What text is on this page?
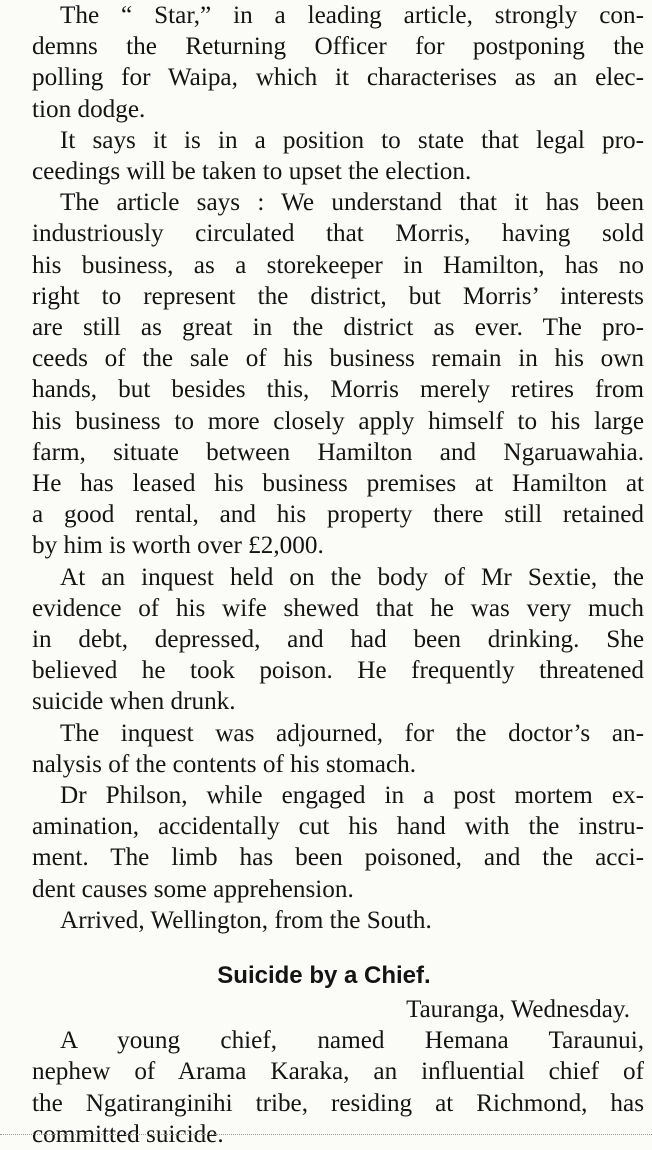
The “ Star,” in a leading article, strongly con-
demns the Returning Officer for postponing the
polling for Waipa, which it characterises as an elec-
tion dodge.
It says it is in a position to state that legal pro-
ceedings will be taken to upset the election.
The article says : We understand that it has been
industriously circulated that Morris, having sold
his business, as a storekeeper in Hamilton, has no
right to represent the district, but Morris’ interests
are still as great in the district as ever. The pro-
ceeds of the sale of his business remain in his own
hands, but besides this, Morris merely retires from
his business to more closely apply himself to his large
farm, situate between Hamilton and Ngaruawahia.
He has leased his business premises at Hamilton at
a good rental, and his property there still retained
by him is worth over £2,000.
At an inquest held on the body of Mr Sextie, the
evidence of his wife shewed that he was very much
in debt, depressed, and had been drinking. She
believed he took poison. He frequently threatened
suicide when drunk.
The inquest was adjourned, for the doctor’s an-
nalysis of the contents of his stomach.
Dr Philson, while engaged in a post mortem ex-
amination, accidentally cut his hand with the instru-
ment. The limb has been poisoned, and the acci-
dent causes some apprehension.
Arrived, Wellington, from the South.
Suicide by a Chief.
Tauranga, Wednesday.
A young chief, named Hemana Taraunui,
nephew of Arama Karaka, an influential chief of
the Ngatiranginihi tribe, residing at Richmond, has
committed suicide.
